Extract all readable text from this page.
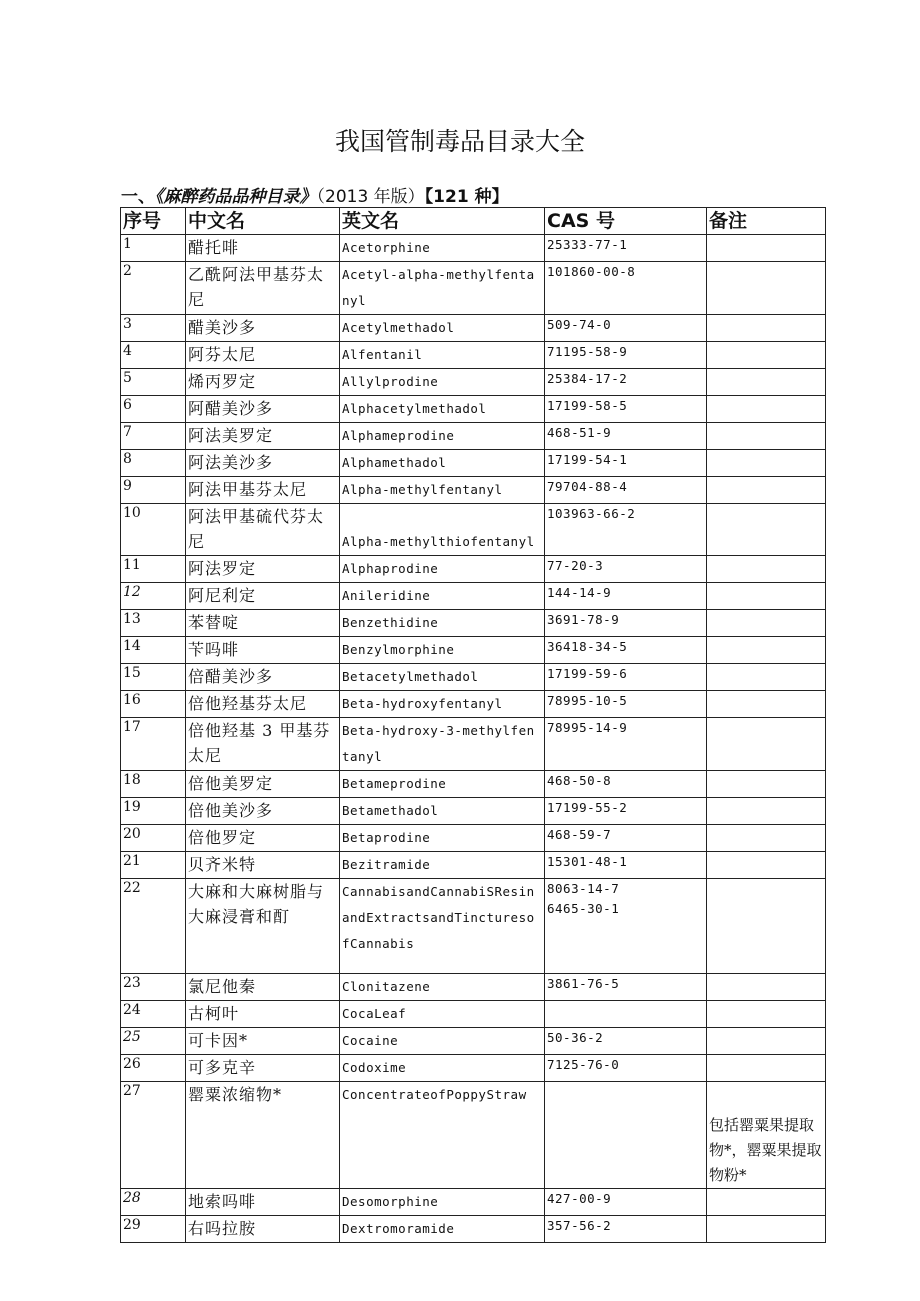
我国管制毒品目录大全
一、《麻醉药品品种目录》（2013 年版）【121 种】
序号	中文名	英文名	CAS 号	备注
1	醋托啡	Acetorphine	25333-77-1	
2	乙酰阿法甲基芬太尼	Acetyl-alpha-methylfentanyl	101860-00-8	
3	醋美沙多	Acetylmethadol	509-74-0	
4	阿芬太尼	Alfentanil	71195-58-9	
5	烯丙罗定	Allylprodine	25384-17-2	
6	阿醋美沙多	Alphacetylmethadol	17199-58-5	
7	阿法美罗定	Alphameprodine	468-51-9	
8	阿法美沙多	Alphamethadol	17199-54-1	
9	阿法甲基芬太尼	Alpha-methylfentanyl	79704-88-4	
10	阿法甲基硫代芬太尼	Alpha-methylthiofentanyl	103963-66-2	
11	阿法罗定	Alphaprodine	77-20-3	
12	阿尼利定	Anileridine	144-14-9	
13	苯替啶	Benzethidine	3691-78-9	
14	苄吗啡	Benzylmorphine	36418-34-5	
15	倍醋美沙多	Betacetylmethadol	17199-59-6	
16	倍他羟基芬太尼	Beta-hydroxyfentanyl	78995-10-5	
17	倍他羟基 3 甲基芬太尼	Beta-hydroxy-3-methylfentanyl	78995-14-9	
18	倍他美罗定	Betameprodine	468-50-8	
19	倍他美沙多	Betamethadol	17199-55-2	
20	倍他罗定	Betaprodine	468-59-7	
21	贝齐米特	Bezitramide	15301-48-1	
22	大麻和大麻树脂与大麻浸膏和酊	CannabisandCannabiSResinandExtractsandTincturesofCannabis	8063-14-7
6465-30-1	
23	氯尼他秦	Clonitazene	3861-76-5	
24	古柯叶	CocaLeaf		
25	可卡因*	Cocaine	50-36-2	
26	可多克辛	Codoxime	7125-76-0	
27	罂粟浓缩物*	ConcentrateofPoppyStraw		包括罂粟果提取物*，罂粟果提取物粉*
28	地索吗啡	Desomorphine	427-00-9	
29	右吗拉胺	Dextromoramide	357-56-2	
